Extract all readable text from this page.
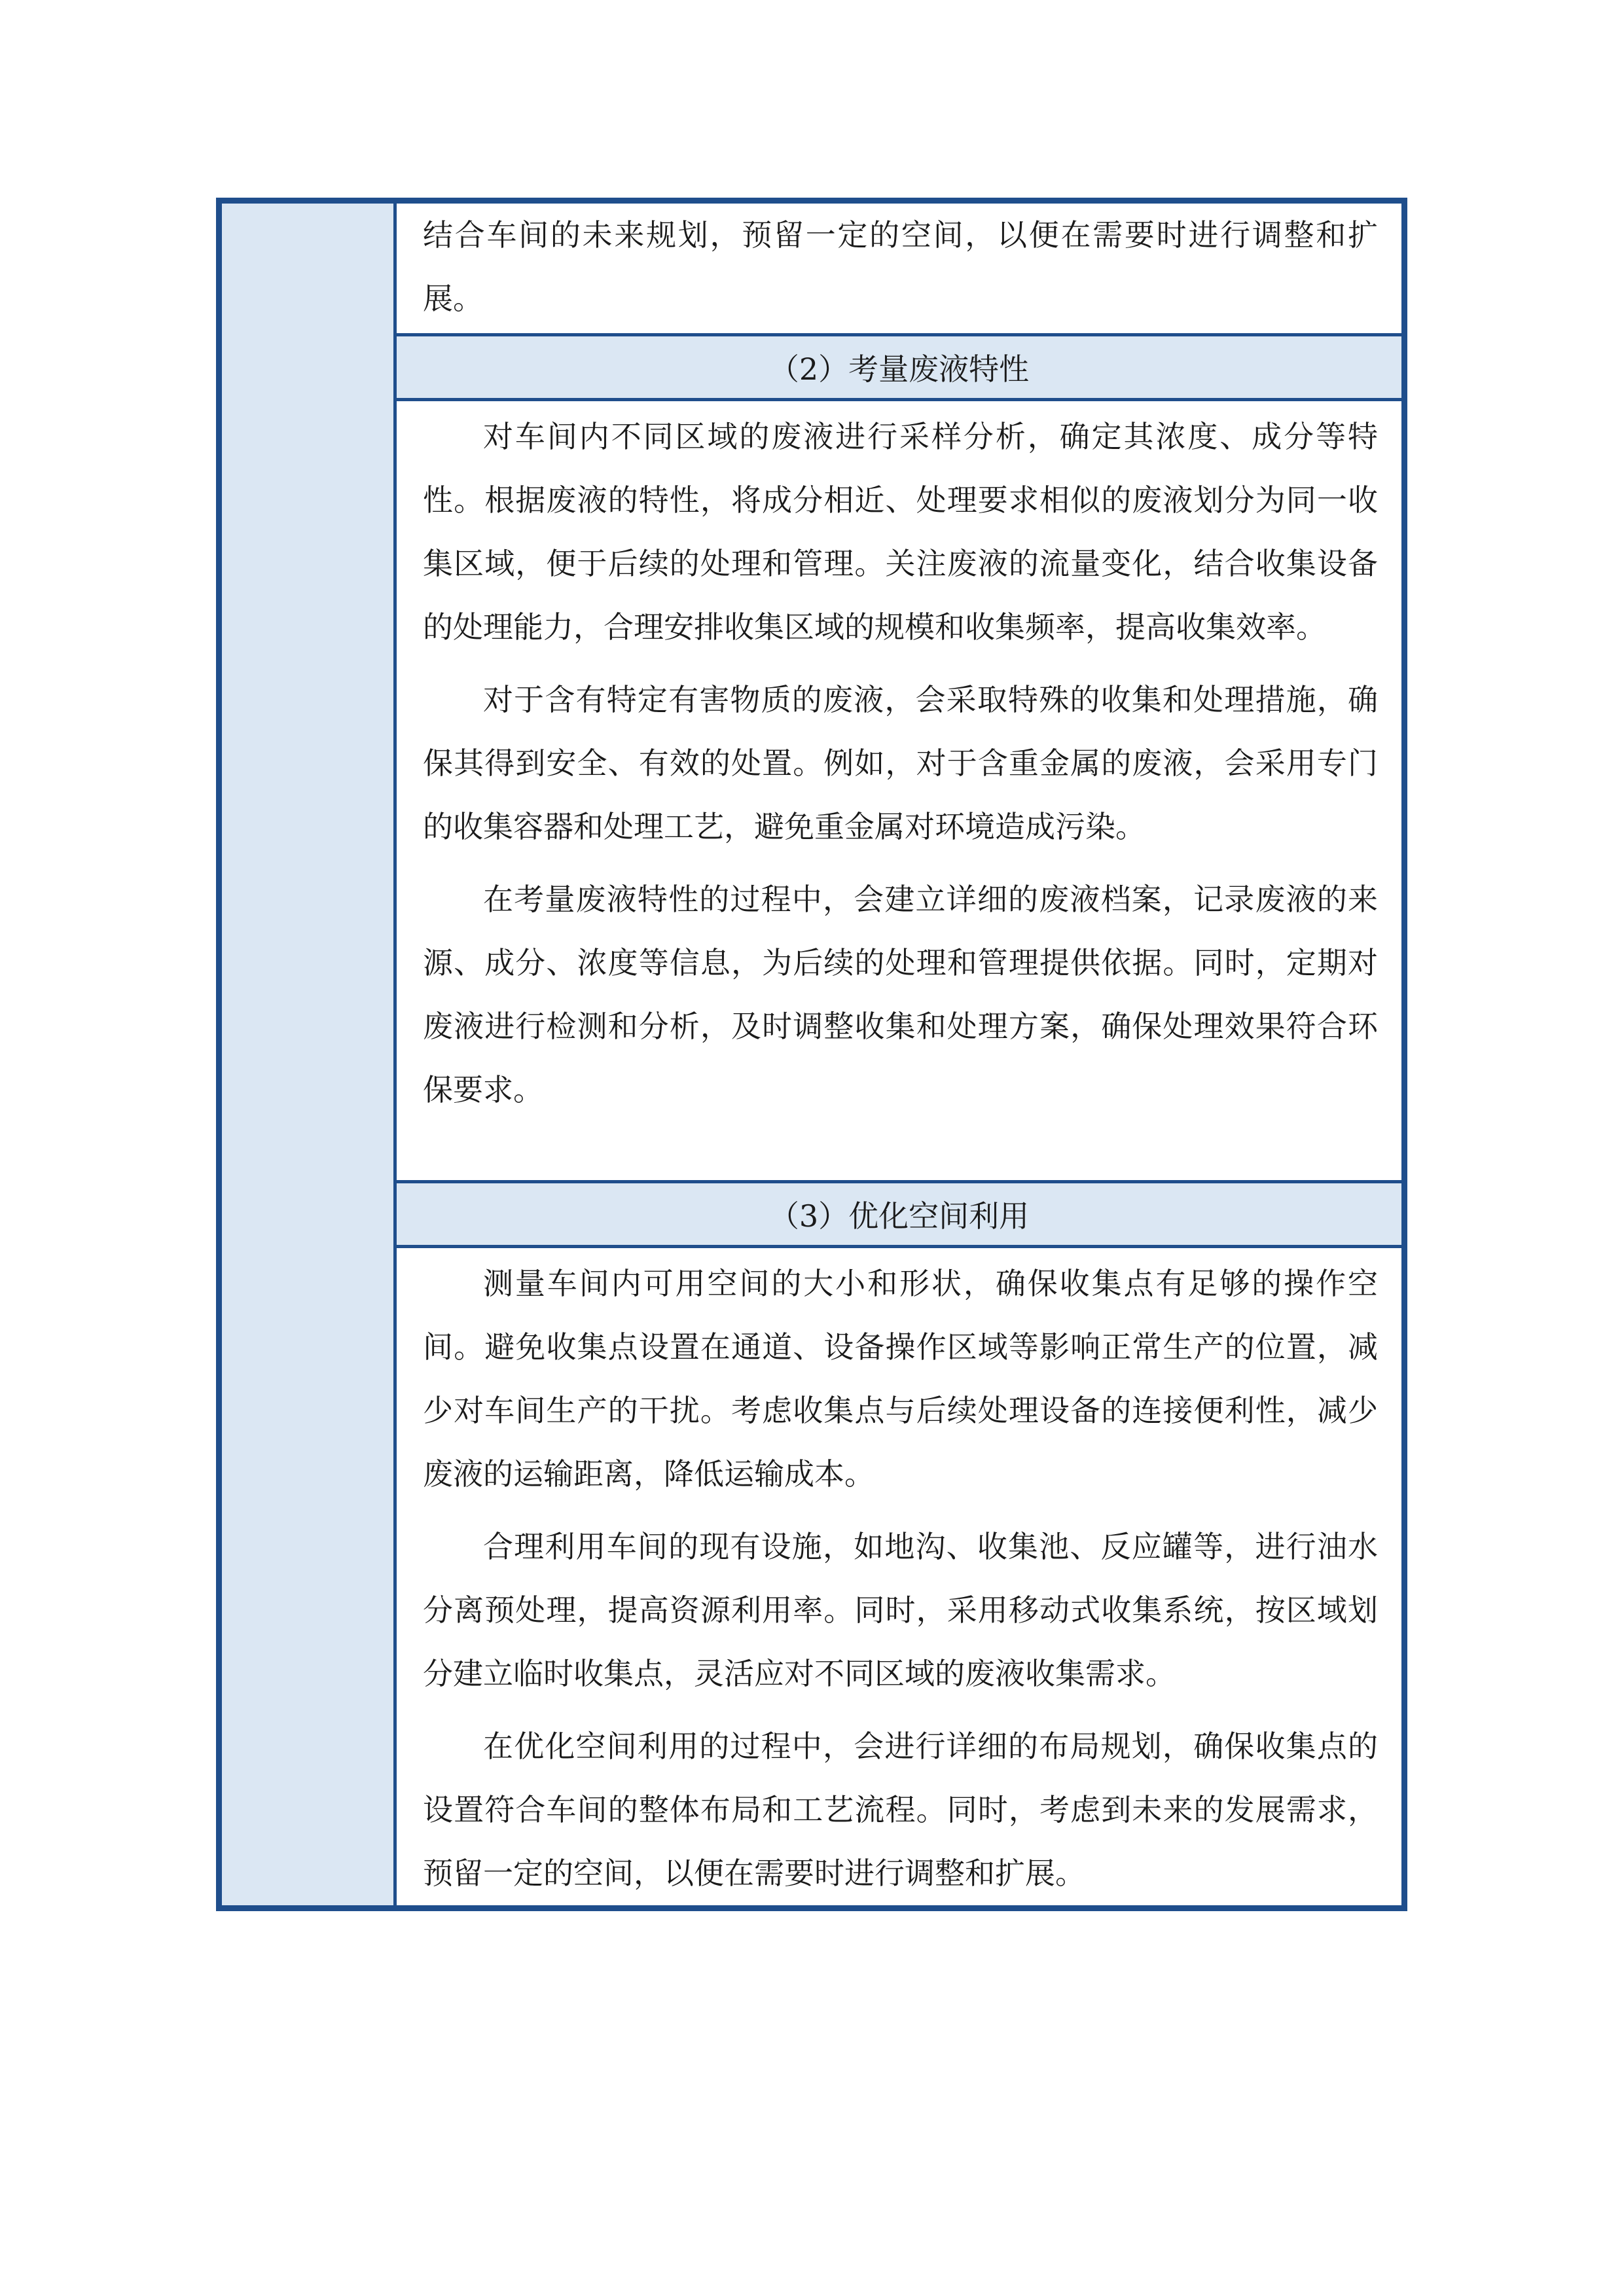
结合车间的未来规划，预留一定的空间，以便在需要时进行调整和扩展。

（2）考量废液特性

对车间内不同区域的废液进行采样分析，确定其浓度、成分等特性。根据废液的特性，将成分相近、处理要求相似的废液划分为同一收集区域，便于后续的处理和管理。关注废液的流量变化，结合收集设备的处理能力，合理安排收集区域的规模和收集频率，提高收集效率。

对于含有特定有害物质的废液，会采取特殊的收集和处理措施，确保其得到安全、有效的处置。例如，对于含重金属的废液，会采用专门的收集容器和处理工艺，避免重金属对环境造成污染。

在考量废液特性的过程中，会建立详细的废液档案，记录废液的来源、成分、浓度等信息，为后续的处理和管理提供依据。同时，定期对废液进行检测和分析，及时调整收集和处理方案，确保处理效果符合环保要求。

（3）优化空间利用

测量车间内可用空间的大小和形状，确保收集点有足够的操作空间。避免收集点设置在通道、设备操作区域等影响正常生产的位置，减少对车间生产的干扰。考虑收集点与后续处理设备的连接便利性，减少废液的运输距离，降低运输成本。

合理利用车间的现有设施，如地沟、收集池、反应罐等，进行油水分离预处理，提高资源利用率。同时，采用移动式收集系统，按区域划分建立临时收集点，灵活应对不同区域的废液收集需求。

在优化空间利用的过程中，会进行详细的布局规划，确保收集点的设置符合车间的整体布局和工艺流程。同时，考虑到未来的发展需求，预留一定的空间，以便在需要时进行调整和扩展。
